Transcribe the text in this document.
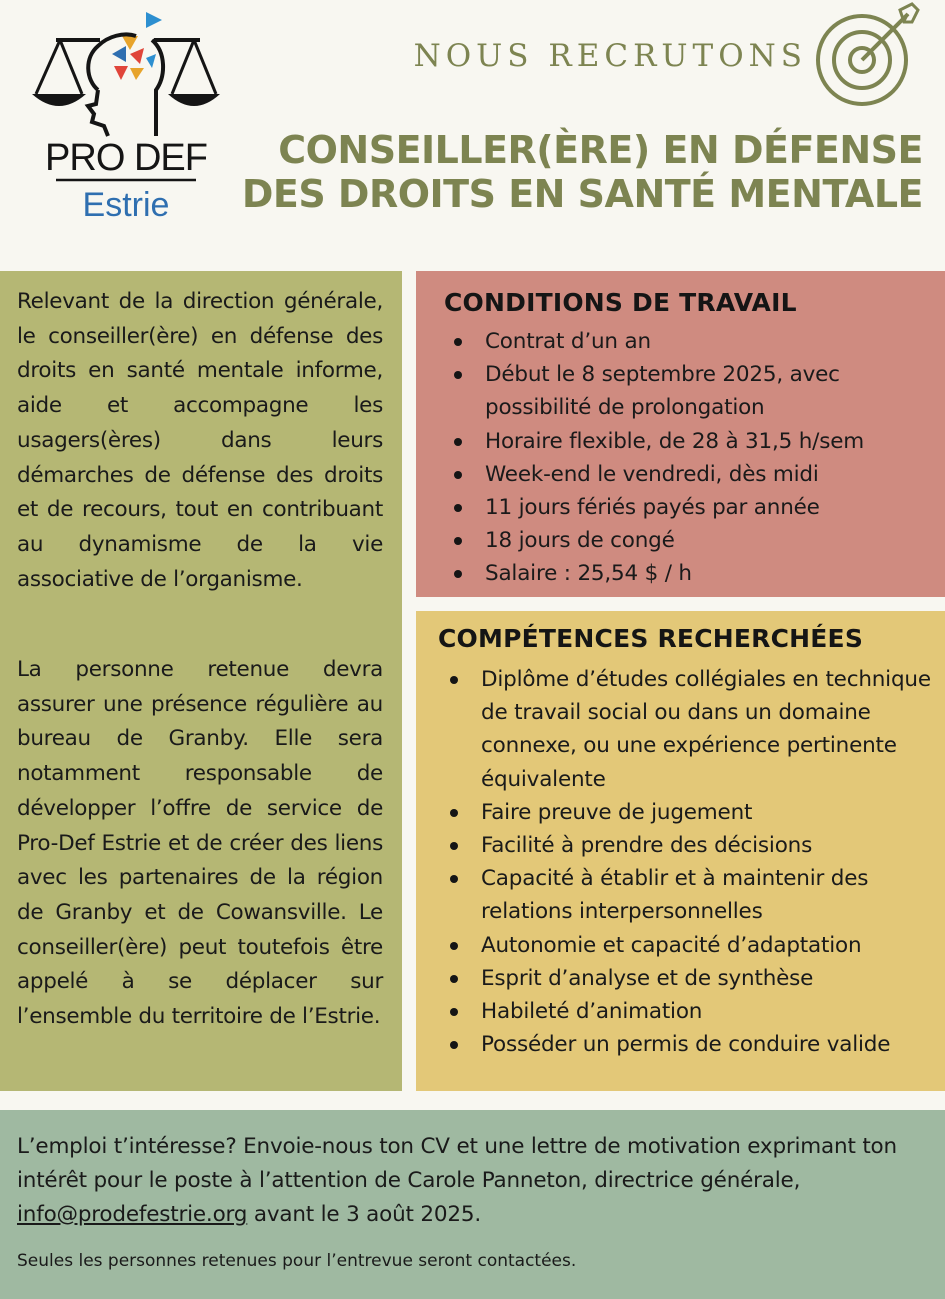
PRO DEF
Estrie
NOUS RECRUTONS
CONSEILLER(ÈRE) EN DÉFENSE
DES DROITS EN SANTÉ MENTALE

Relevant de la direction générale, le conseiller(ère) en défense des droits en santé mentale informe, aide et accompagne les usagers(ères) dans leurs démarches de défense des droits et de recours, tout en contribuant au dynamisme de la vie associative de l’organisme.

La personne retenue devra assurer une présence régulière au bureau de Granby. Elle sera notamment responsable de développer l’offre de service de Pro-Def Estrie et de créer des liens avec les partenaires de la région de Granby et de Cowansville. Le conseiller(ère) peut toutefois être appelé à se déplacer sur l’ensemble du territoire de l’Estrie.

CONDITIONS DE TRAVAIL
Contrat d’un an
Début le 8 septembre 2025, avec possibilité de prolongation
Horaire flexible, de 28 à 31,5 h/sem
Week-end le vendredi, dès midi
11 jours fériés payés par année
18 jours de congé
Salaire : 25,54 $ / h
COMPÉTENCES RECHERCHÉES
Diplôme d’études collégiales en technique de travail social ou dans un domaine connexe, ou une expérience pertinente équivalente
Faire preuve de jugement
Facilité à prendre des décisions
Capacité à établir et à maintenir des relations interpersonnelles
Autonomie et capacité d’adaptation
Esprit d’analyse et de synthèse
Habileté d’animation
Posséder un permis de conduire valide

L’emploi t’intéresse? Envoie-nous ton CV et une lettre de motivation exprimant ton intérêt pour le poste à l’attention de Carole Panneton, directrice générale, info@prodefestrie.org avant le 3 août 2025.

Seules les personnes retenues pour l’entrevue seront contactées.
